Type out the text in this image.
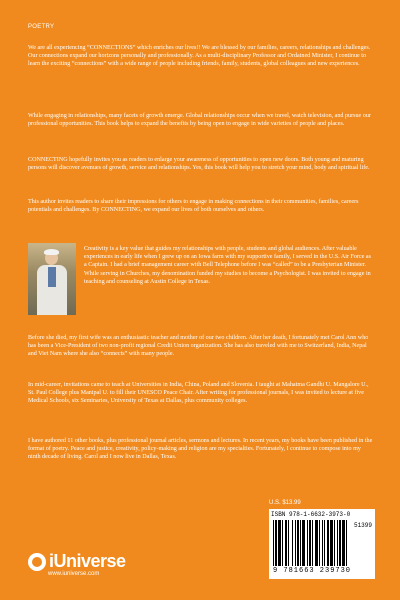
POETRY

We are all experiencing “CONNECTIONS” which enriches our lives!! We are blessed by our families, careers, relationships and challenges. Our connections expand our horizons personally and professionally. As a multi-disciplinary Professor and Ordained Minister, I continue to learn the exciting “connections” with a wide range of people including friends, family, students, global colleagues and new experiences.

While engaging in relationships, many facets of growth emerge. Global relationships occur when we travel, watch television, and pursue our professional opportunities. This book helps to expand the benefits by being open to engage in wide varieties of people and places.

CONNECTING hopefully invites you as readers to enlarge your awareness of opportunities to open new doors. Both young and maturing persons will discover avenues of growth, service and relationships. Yes, this book will help you to stretch your mind, body and spiritual life.

This author invites readers to share their impressions for others to engage in making connections in their communities, families, careers potentials and challenges. By CONNECTING, we expand our lives of both ourselves and others.

Creativity is a key value that guides my relationships with people, students and global audiences. After valuable experiences in early life when I grew up on an Iowa farm with my supportive family, I served in the U.S. Air Force as a Captain. I had a brief management career with Bell Telephone before I was “called” to be a Presbyterian Minister. While serving in Churches, my denomination funded my studies to become a Psychologist. I was invited to engage in teaching and counseling at Austin College in Texas.

Before she died, my first wife was an enthusiastic teacher and mother of our two children. After her death, I fortunately met Carol Ann who has been a Vice-President of two non-profit regional Credit Union organization. She has also traveled with me to Switzerland, India, Nepal and Viet Nam where she also “connects” with many people.

In mid-career, invitations came to teach at Universities in India, China, Poland and Slovenia. I taught at Mahatma Gandhi U. Mangalore U., St. Paul College plus Manipal U. to fill their UNESCO Peace Chair. After writing for professional journals, I was invited to lecture at five Medical Schools, six Seminaries, University of Texas at Dallas, plus community colleges.

I have authored 11 other books, plus professional journal articles, sermons and lectures. In recent years, my books have been published in the format of poetry. Peace and justice, creativity, policy-making and religion are my specialties. Fortunately, I continue to compose into my ninth decade of living. Carol and I now live in Dallas, Texas.

U.S. $13.99
ISBN 978-1-6632-3973-0
51399
9 781663 239730
iUniverse
www.iuniverse.com
